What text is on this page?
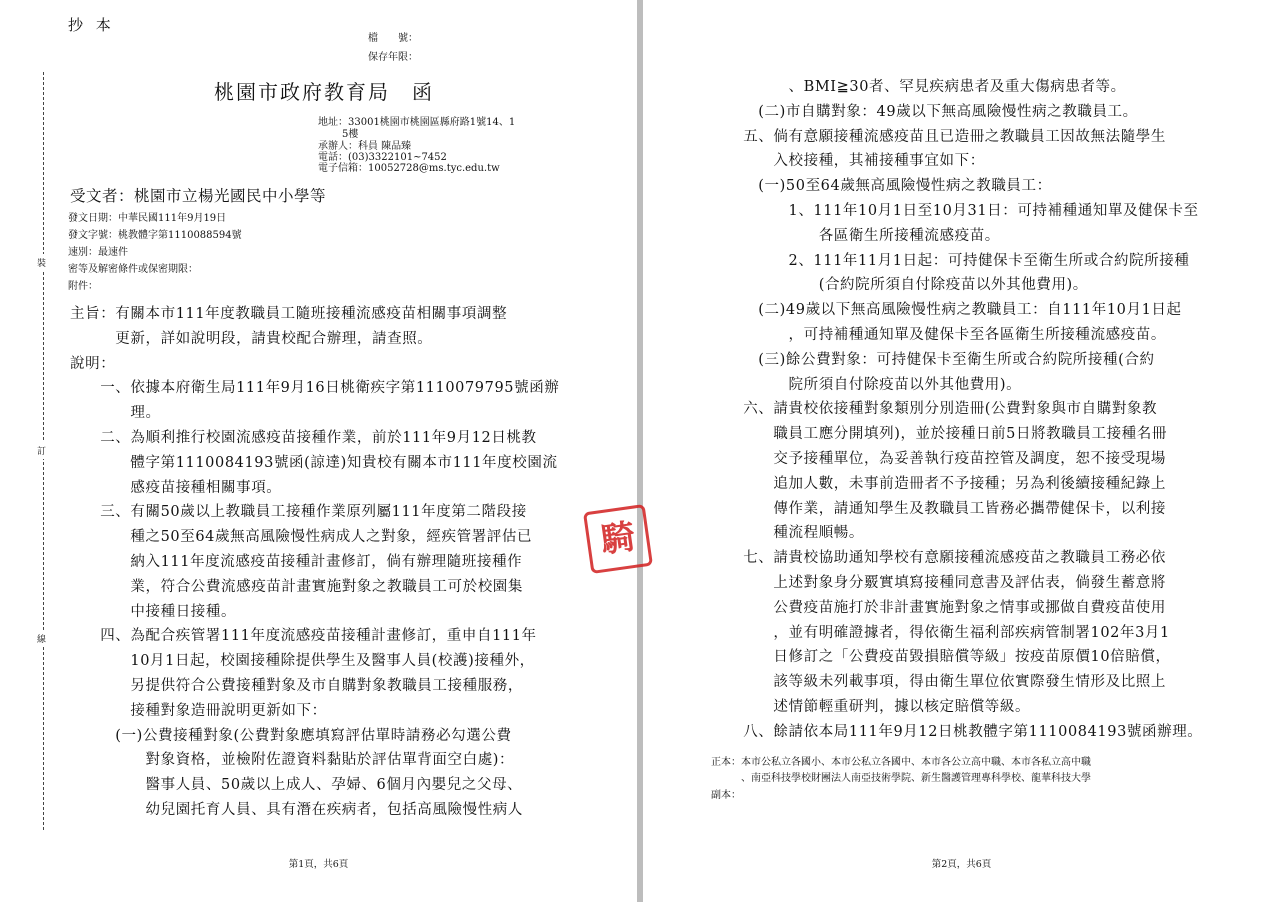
抄 本
檔　　號：
保存年限：
桃園市政府教育局　函
地址：33001桃園市桃園區縣府路1號14、1
5樓
承辦人：科員 陳品臻
電話：(03)3322101~7452
電子信箱：10052728@ms.tyc.edu.tw
受文者：桃園市立楊光國民中小學等
發文日期：中華民國111年9月19日
發文字號：桃教體字第1110088594號
速別：最速件
密等及解密條件或保密期限：
附件：
裝
訂
線

主旨：有關本市111年度教職員工隨班接種流感疫苗相關事項調整

　　　更新，詳如說明段，請貴校配合辦理，請查照。

說明：

　　一、依據本府衛生局111年9月16日桃衛疾字第1110079795號函辦

　　　　理。

　　二、為順利推行校園流感疫苗接種作業，前於111年9月12日桃教

　　　　體字第1110084193號函(諒達)知貴校有關本市111年度校園流

　　　　感疫苗接種相關事項。

　　三、有關50歲以上教職員工接種作業原列屬111年度第二階段接

　　　　種之50至64歲無高風險慢性病成人之對象，經疾管署評估已

　　　　納入111年度流感疫苗接種計畫修訂，倘有辦理隨班接種作

　　　　業，符合公費流感疫苗計畫實施對象之教職員工可於校園集

　　　　中接種日接種。

　　四、為配合疾管署111年度流感疫苗接種計畫修訂，重申自111年

　　　　10月1日起，校園接種除提供學生及醫事人員(校護)接種外，

　　　　另提供符合公費接種對象及市自購對象教職員工接種服務，

　　　　接種對象造冊說明更新如下：

　　　(一)公費接種對象(公費對象應填寫評估單時請務必勾選公費

　　　　　對象資格，並檢附佐證資料黏貼於評估單背面空白處)：

　　　　　醫事人員、50歲以上成人、孕婦、6個月內嬰兒之父母、

　　　　　幼兒園托育人員、具有潛在疾病者，包括高風險慢性病人

第1頁，共6頁

　　　　　、BMI≧30者、罕見疾病患者及重大傷病患者等。

　　　(二)市自購對象：49歲以下無高風險慢性病之教職員工。

　　五、倘有意願接種流感疫苗且已造冊之教職員工因故無法隨學生

　　　　入校接種，其補接種事宜如下：

　　　(一)50至64歲無高風險慢性病之教職員工：

　　　　　1、111年10月1日至10月31日：可持補種通知單及健保卡至

　　　　　　　各區衛生所接種流感疫苗。

　　　　　2、111年11月1日起：可持健保卡至衛生所或合約院所接種

　　　　　　　(合約院所須自付除疫苗以外其他費用)。

　　　(二)49歲以下無高風險慢性病之教職員工：自111年10月1日起

　　　　　，可持補種通知單及健保卡至各區衛生所接種流感疫苗。

　　　(三)餘公費對象：可持健保卡至衛生所或合約院所接種(合約

　　　　　院所須自付除疫苗以外其他費用)。

　　六、請貴校依接種對象類別分別造冊(公費對象與市自購對象教

　　　　職員工應分開填列)，並於接種日前5日將教職員工接種名冊

　　　　交予接種單位，為妥善執行疫苗控管及調度，恕不接受現場

　　　　追加人數，未事前造冊者不予接種；另為利後續接種紀錄上

　　　　傳作業，請通知學生及教職員工皆務必攜帶健保卡，以利接

　　　　種流程順暢。

　　七、請貴校協助通知學校有意願接種流感疫苗之教職員工務必依

　　　　上述對象身分覈實填寫接種同意書及評估表，倘發生蓄意將

　　　　公費疫苗施打於非計畫實施對象之情事或挪做自費疫苗使用

　　　　，並有明確證據者，得依衛生福利部疾病管制署102年3月1

　　　　日修訂之「公費疫苗毀損賠償等級」按疫苗原價10倍賠償，

　　　　該等級未列載事項，得由衛生單位依實際發生情形及比照上

　　　　述情節輕重研判，據以核定賠償等級。

　　八、餘請依本局111年9月12日桃教體字第1110084193號函辦理。

正本：本市公私立各國小、本市公私立各國中、本市各公立高中職、本市各私立高中職
　　　、南亞科技學校財團法人南亞技術學院、新生醫護管理專科學校、龍華科技大學
副本：
第2頁，共6頁
騎
